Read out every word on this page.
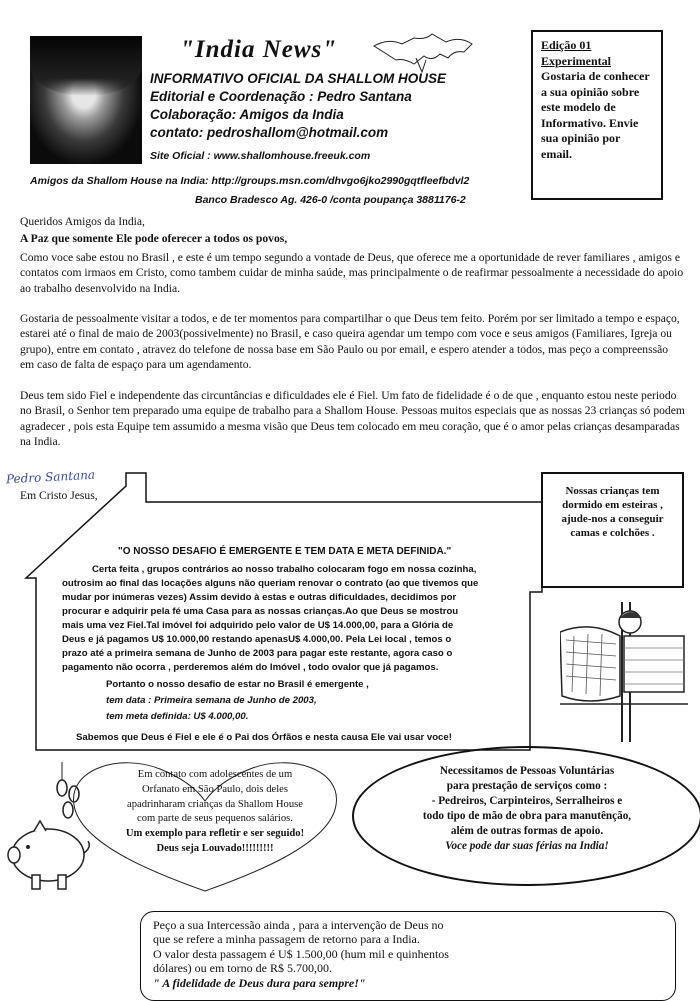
"India News"
INFORMATIVO OFICIAL DA SHALLOM HOUSE
Editorial e Coordenação : Pedro Santana
Colaboração: Amigos da India
contato: pedroshallom@hotmail.com
Site Oficial : www.shallomhouse.freeuk.com
Amigos da Shallom House na India: http://groups.msn.com/dhvgo6jko2990gqtfleefbdvl2
Banco Bradesco Ag. 426-0 /conta poupança 3881176-2
Edição 01
Experimental
Gostaria de conhecer a sua opinião sobre este modelo de Informativo. Envie sua opinião por email.
Queridos Amigos da India,
A Paz que somente Ele pode oferecer a todos os povos,
Como voce sabe estou no Brasil , e este é um tempo segundo a vontade de Deus, que oferece me a oportunidade de rever familiares , amigos e contatos com irmaos em Cristo, como tambem cuidar de minha saúde, mas principalmente o de reafirmar pessoalmente a necessidade do apoio ao trabalho desenvolvido na India.
Gostaria de pessoalmente visitar a todos, e de ter momentos para compartilhar o que Deus tem feito. Porém por ser limitado a tempo e espaço, estarei até o final de maio de 2003(possivelmente) no Brasil, e caso queira agendar um tempo com voce e seus amigos (Familiares, Igreja ou grupo), entre em contato , atravez do telefone de nossa base em São Paulo ou por email, e espero atender a todos, mas peço a compreenssão em caso de falta de espaço para um agendamento.
Deus tem sido Fiel e independente das circuntâncias e dificuldades ele é Fiel. Um fato de fidelidade é o de que , enquanto estou neste periodo no Brasil, o Senhor tem preparado uma equipe de trabalho para a Shallom House. Pessoas muitos especiais que as nossas 23 crianças só podem agradecer , pois esta Equipe tem assumido a mesma visão que Deus tem colocado em meu coração, que é o amor pelas crianças desamparadas na India.
Pedro Santana
Em Cristo Jesus,
"O NOSSO DESAFIO É EMERGENTE E TEM DATA E META DEFINIDA."
Certa feita , grupos contrários ao nosso trabalho colocaram fogo em nossa cozinha,
outrosim ao final das locações alguns não queriam renovar o contrato (ao que tivemos que
mudar por inúmeras vezes) Assim devido à estas e outras dificuldades, decidimos por
procurar e adquirir pela fé uma Casa para as nossas crianças.Ao que Deus se mostrou
mais uma vez Fiel.Tal imóvel foi adquirido pelo valor de U$ 14.000,00, para a Glória de
Deus e já pagamos U$ 10.000,00 restando apenasU$ 4.000,00. Pela Lei local , temos o
prazo até a primeira semana de Junho de 2003 para pagar este restante, agora caso o
pagamento não ocorra , perderemos além do Imóvel , todo ovalor que já pagamos.
Portanto o nosso desafio de estar no Brasil é emergente ,
tem data : Primeira semana de Junho de 2003,
tem meta definida: U$ 4.000,00.
Sabemos que Deus é Fiel e ele é o Pai dos Órfãos e nesta causa Ele vai usar voce!
Nossas crianças tem dormido em esteiras , ajude-nos a conseguir camas e colchões .
Em contato com adolescentes de um
Orfanato em São Paulo, dois deles
apadrinharam crianças da Shallom House
com parte de seus pequenos salários.
Um exemplo para refletir e ser seguido!
Deus seja Louvado!!!!!!!!!
Necessitamos de Pessoas Voluntárias
para prestação de serviços como :
- Pedreiros, Carpinteiros, Serralheiros e
todo tipo de mão de obra para manutênção,
além de outras formas de apoio.
Voce pode dar suas férias na India!
Peço a sua Intercessão ainda , para a intervenção de Deus no
que se refere a minha passagem de retorno para a India.
O valor desta passagem é U$ 1.500,00 (hum mil e quinhentos
dólares) ou em torno de R$ 5.700,00.
" A fidelidade de Deus dura para sempre!"
